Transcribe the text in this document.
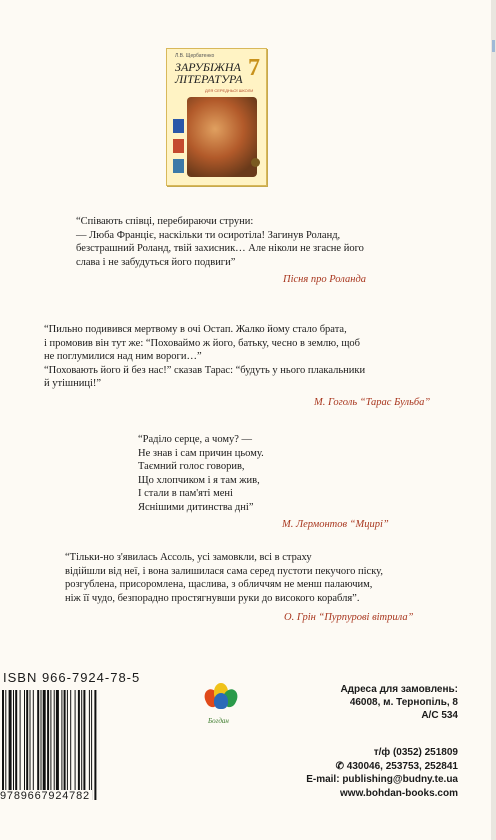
Л.В. Щербатенко
ЗАРУБІЖНА ЛІТЕРАТУРА 7
ДЛЯ СЕРЕДНЬОЇ ШКОЛИ

“Співають співці, перебираючи струни:

— Люба Франціє, наскільки ти осиротіла! Загинув Роланд,

безстрашний Роланд, твій захисник… Але ніколи не згасне його

слава і не забудуться його подвиги”

Пісня про Роланда

“Пильно подивився мертвому в очі Остап. Жалко йому стало брата,

і промовив він тут же: “Поховаймо ж його, батьку, чесно в землю, щоб

не поглумилися над ним вороги…”

“Поховають його й без нас!” сказав Тарас: “будуть у нього плакальники

й утішниці!”

М. Гоголь “Тарас Бульба”

“Раділо серце, а чому? —

Не знав і сам причин цьому.

Таємний голос говорив,

Що хлопчиком і я там жив,

І стали в пам'яті мені

Яснішими дитинства дні”

М. Лермонтов “Мцирі”

“Тільки-но з'явилась Ассоль, усі замовкли, всі в страху

відійшли від неї, і вона залишилася сама серед пустоти пекучого піску,

розгублена, присоромлена, щаслива, з обличчям не менш палаючим,

ніж її чудо, безпорадно простягнувши руки до високого корабля”.

О. Грін “Пурпурові вітрила”
ISBN 966-7924-78-5
9789667924782
Богдан
Адреса для замовлень:
46008, м. Тернопіль, 8
А/С 534
т/ф (0352) 251809
✆ 430046, 253753, 252841
E-mail: publishing@budny.te.ua
www.bohdan-books.com
